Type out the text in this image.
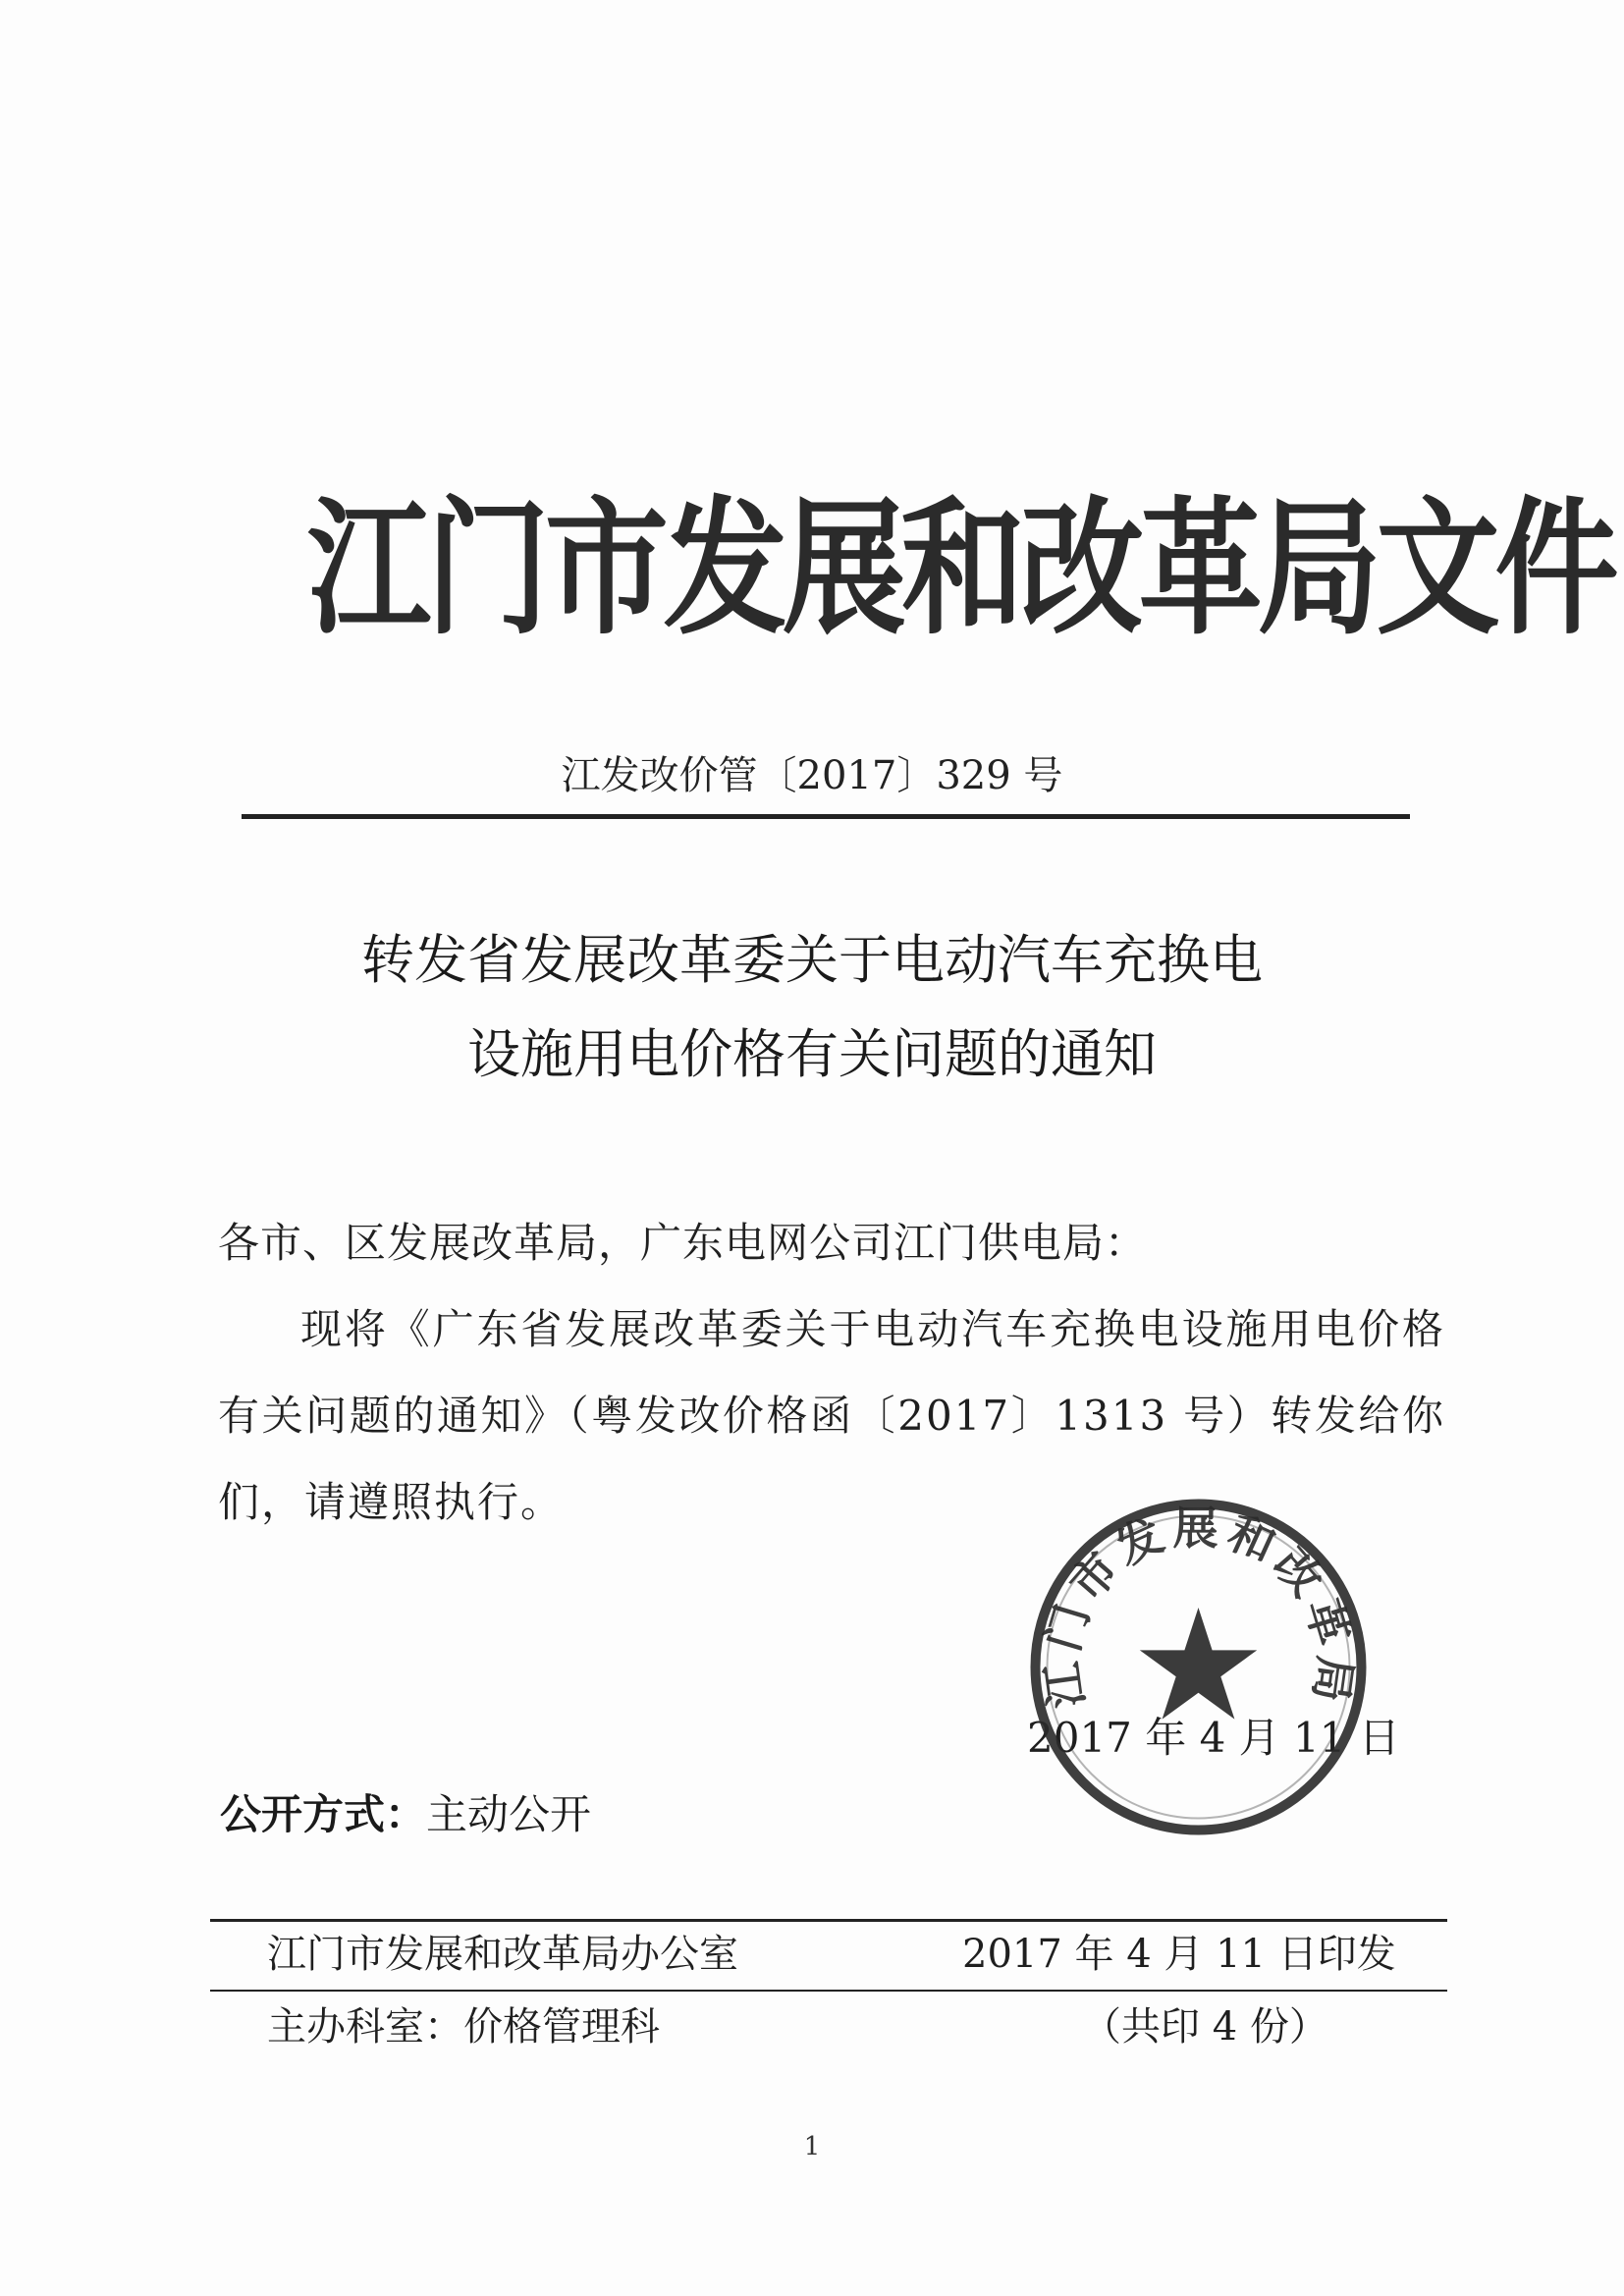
江门市发展和改革局文件
江发改价管〔2017〕329 号
转发省发展改革委关于电动汽车充换电
设施用电价格有关问题的通知
各市、区发展改革局，广东电网公司江门供电局：
现将《广东省发展改革委关于电动汽车充换电设施用电价格有关问题的通知》（粤发改价格函〔2017〕1313 号）转发给你们，请遵照执行。
2017 年 4 月 11 日
江门市发展和改革局
公开方式：主动公开
江门市发展和改革局办公室	2017 年 4 月 11 日印发
主办科室：价格管理科	（共印 4 份）
1
